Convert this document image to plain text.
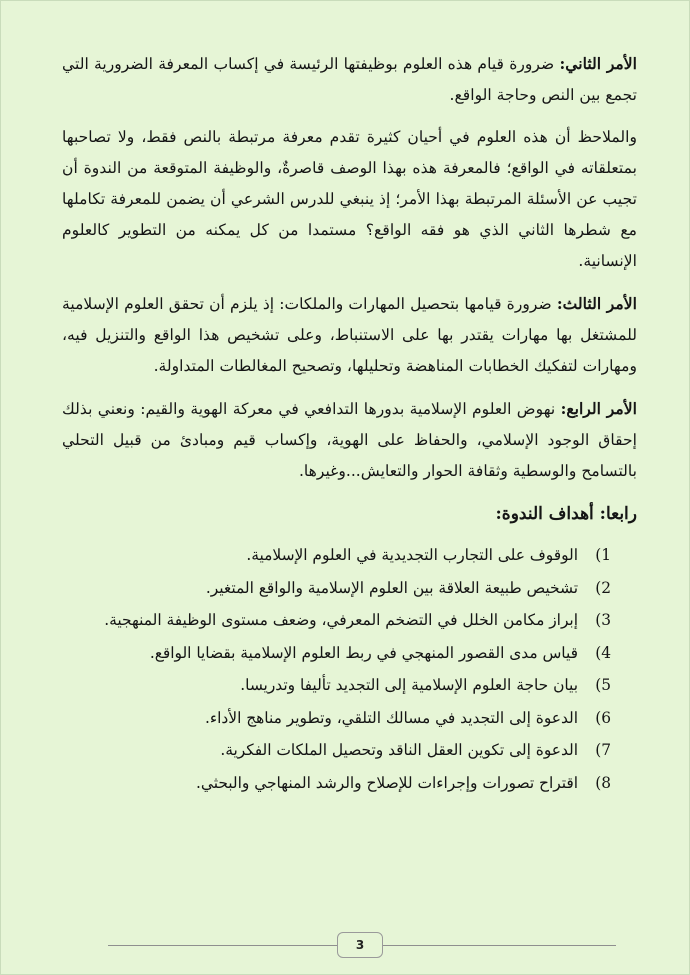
الأمر الثاني: ضرورة قيام هذه العلوم بوظيفتها الرئيسة في إكساب المعرفة الضرورية التي تجمع بين النص وحاجة الواقع.

والملاحظ أن هذه العلوم في أحيان كثيرة تقدم معرفة مرتبطة بالنص فقط، ولا تصاحبها بمتعلقاته في الواقع؛ فالمعرفة هذه بهذا الوصف قاصرةٌ، والوظيفة المتوقعة من الندوة أن تجيب عن الأسئلة المرتبطة بهذا الأمر؛ إذ ينبغي للدرس الشرعي أن يضمن للمعرفة تكاملها مع شطرها الثاني الذي هو فقه الواقع؟ مستمدا من كل يمكنه من التطوير كالعلوم الإنسانية.

الأمر الثالث: ضرورة قيامها بتحصيل المهارات والملكات: إذ يلزم أن تحقق العلوم الإسلامية للمشتغل بها مهارات يقتدر بها على الاستنباط، وعلى تشخيص هذا الواقع والتنزيل فيه، ومهارات لتفكيك الخطابات المناهضة وتحليلها، وتصحيح المغالطات المتداولة.

الأمر الرابع: نهوض العلوم الإسلامية بدورها التدافعي في معركة الهوية والقيم: ونعني بذلك إحقاق الوجود الإسلامي، والحفاظ على الهوية، وإكساب قيم ومبادئ من قبيل التحلي بالتسامح والوسطية وثقافة الحوار والتعايش...وغيرها.

رابعا: أهداف الندوة:
1)
الوقوف على التجارب التجديدية في العلوم الإسلامية.
2)
تشخيص طبيعة العلاقة بين العلوم الإسلامية والواقع المتغير.
3)
إبراز مكامن الخلل في التضخم المعرفي، وضعف مستوى الوظيفة المنهجية.
4)
قياس مدى القصور المنهجي في ربط العلوم الإسلامية بقضايا الواقع.
5)
بيان حاجة العلوم الإسلامية إلى التجديد تأليفا وتدريسا.
6)
الدعوة إلى التجديد في مسالك التلقي، وتطوير مناهج الأداء.
7)
الدعوة إلى تكوين العقل الناقد وتحصيل الملكات الفكرية.
8)
اقتراح تصورات وإجراءات للإصلاح والرشد المنهاجي والبحثي.
3
